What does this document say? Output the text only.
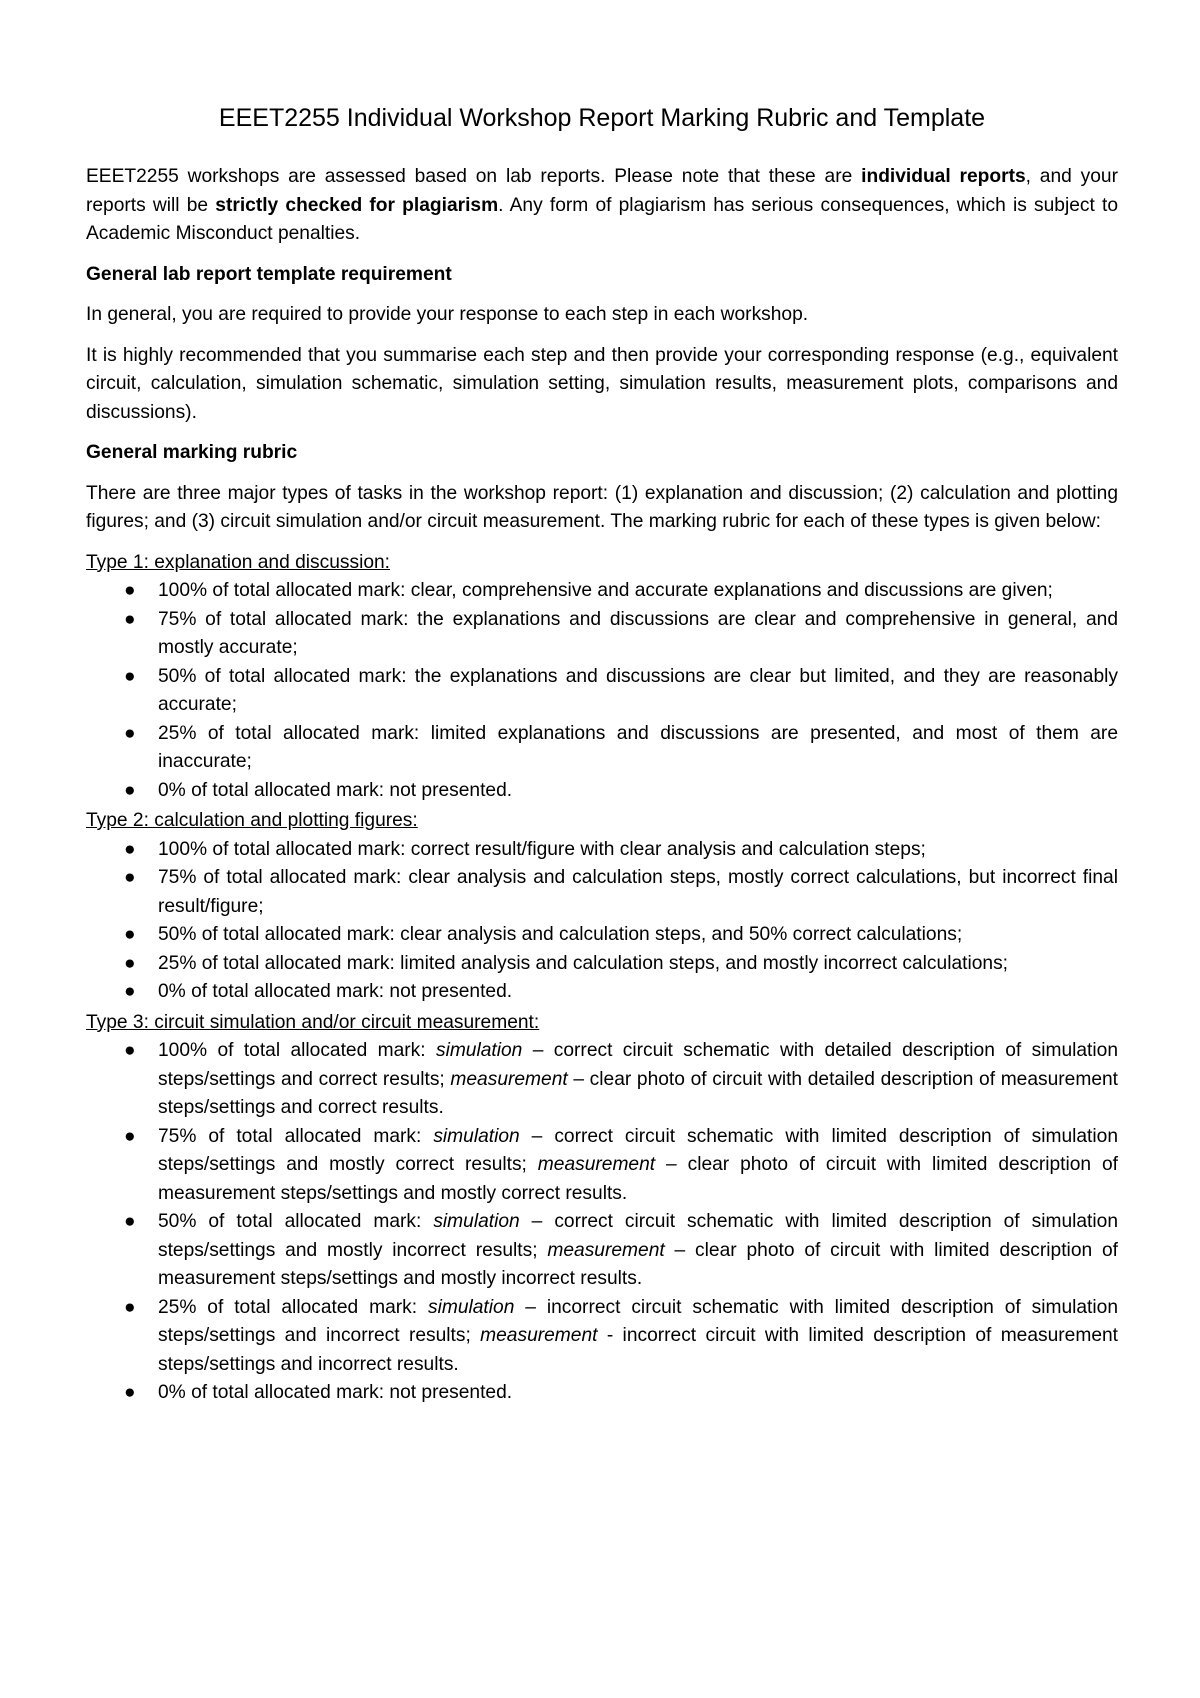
EEET2255 Individual Workshop Report Marking Rubric and Template

EEET2255 workshops are assessed based on lab reports. Please note that these are individual reports, and your reports will be strictly checked for plagiarism. Any form of plagiarism has serious consequences, which is subject to Academic Misconduct penalties.

General lab report template requirement

In general, you are required to provide your response to each step in each workshop.

It is highly recommended that you summarise each step and then provide your corresponding response (e.g., equivalent circuit, calculation, simulation schematic, simulation setting, simulation results, measurement plots, comparisons and discussions).

General marking rubric

There are three major types of tasks in the workshop report: (1) explanation and discussion; (2) calculation and plotting figures; and (3) circuit simulation and/or circuit measurement. The marking rubric for each of these types is given below:

Type 1: explanation and discussion:

● 100% of total allocated mark: clear, comprehensive and accurate explanations and discussions are given;
● 75% of total allocated mark: the explanations and discussions are clear and comprehensive in general, and mostly accurate;
● 50% of total allocated mark: the explanations and discussions are clear but limited, and they are reasonably accurate;
● 25% of total allocated mark: limited explanations and discussions are presented, and most of them are inaccurate;
● 0% of total allocated mark: not presented.

Type 2: calculation and plotting figures:

● 100% of total allocated mark: correct result/figure with clear analysis and calculation steps;
● 75% of total allocated mark: clear analysis and calculation steps, mostly correct calculations, but incorrect final result/figure;
● 50% of total allocated mark: clear analysis and calculation steps, and 50% correct calculations;
● 25% of total allocated mark: limited analysis and calculation steps, and mostly incorrect calculations;
● 0% of total allocated mark: not presented.

Type 3: circuit simulation and/or circuit measurement:

● 100% of total allocated mark: simulation – correct circuit schematic with detailed description of simulation steps/settings and correct results; measurement – clear photo of circuit with detailed description of measurement steps/settings and correct results.
● 75% of total allocated mark: simulation – correct circuit schematic with limited description of simulation steps/settings and mostly correct results; measurement – clear photo of circuit with limited description of measurement steps/settings and mostly correct results.
● 50% of total allocated mark: simulation – correct circuit schematic with limited description of simulation steps/settings and mostly incorrect results; measurement – clear photo of circuit with limited description of measurement steps/settings and mostly incorrect results.
● 25% of total allocated mark: simulation – incorrect circuit schematic with limited description of simulation steps/settings and incorrect results; measurement - incorrect circuit with limited description of measurement steps/settings and incorrect results.
● 0% of total allocated mark: not presented.
